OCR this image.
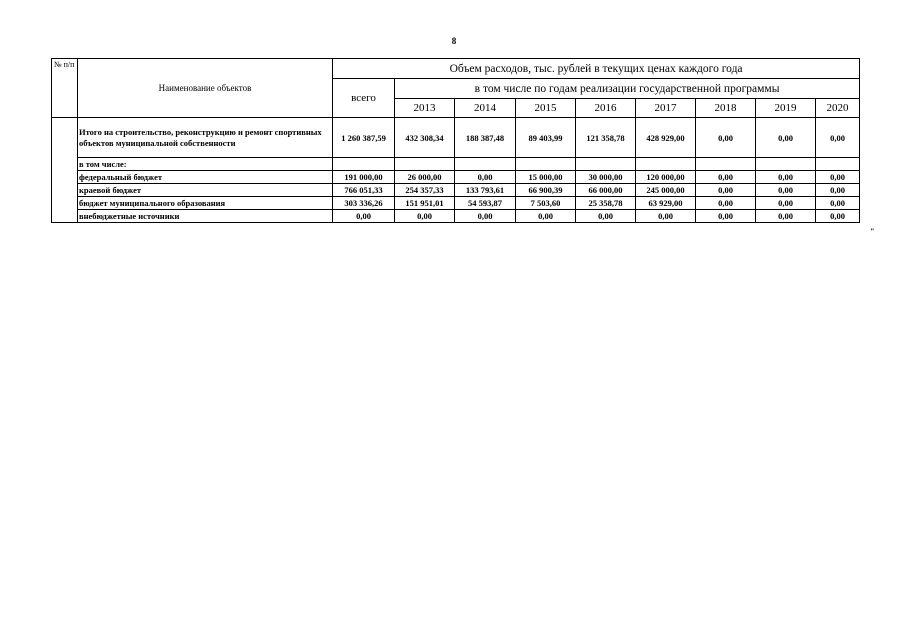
8
№ п/п	Наименование объектов	Объем расходов, тыс. рублей в текущих ценах каждого года								
		всего	в том числе по годам реализации государственной программы							
			2013	2014	2015	2016	2017	2018	2019	2020
	Итого на строительство, реконструкцию и ремонт спортивных объектов муниципальной собственности	1 260 387,59	432 308,34	188 387,48	89 403,99	121 358,78	428 929,00	0,00	0,00	0,00
	в том числе:									
	федеральный бюджет	191 000,00	26 000,00	0,00	15 000,00	30 000,00	120 000,00	0,00	0,00	0,00
	краевой бюджет	766 051,33	254 357,33	133 793,61	66 900,39	66 000,00	245 000,00	0,00	0,00	0,00
	бюджет муниципального образования	303 336,26	151 951,01	54 593,87	7 503,60	25 358,78	63 929,00	0,00	0,00	0,00
	внебюджетные источники	0,00	0,00	0,00	0,00	0,00	0,00	0,00	0,00	0,00
"
